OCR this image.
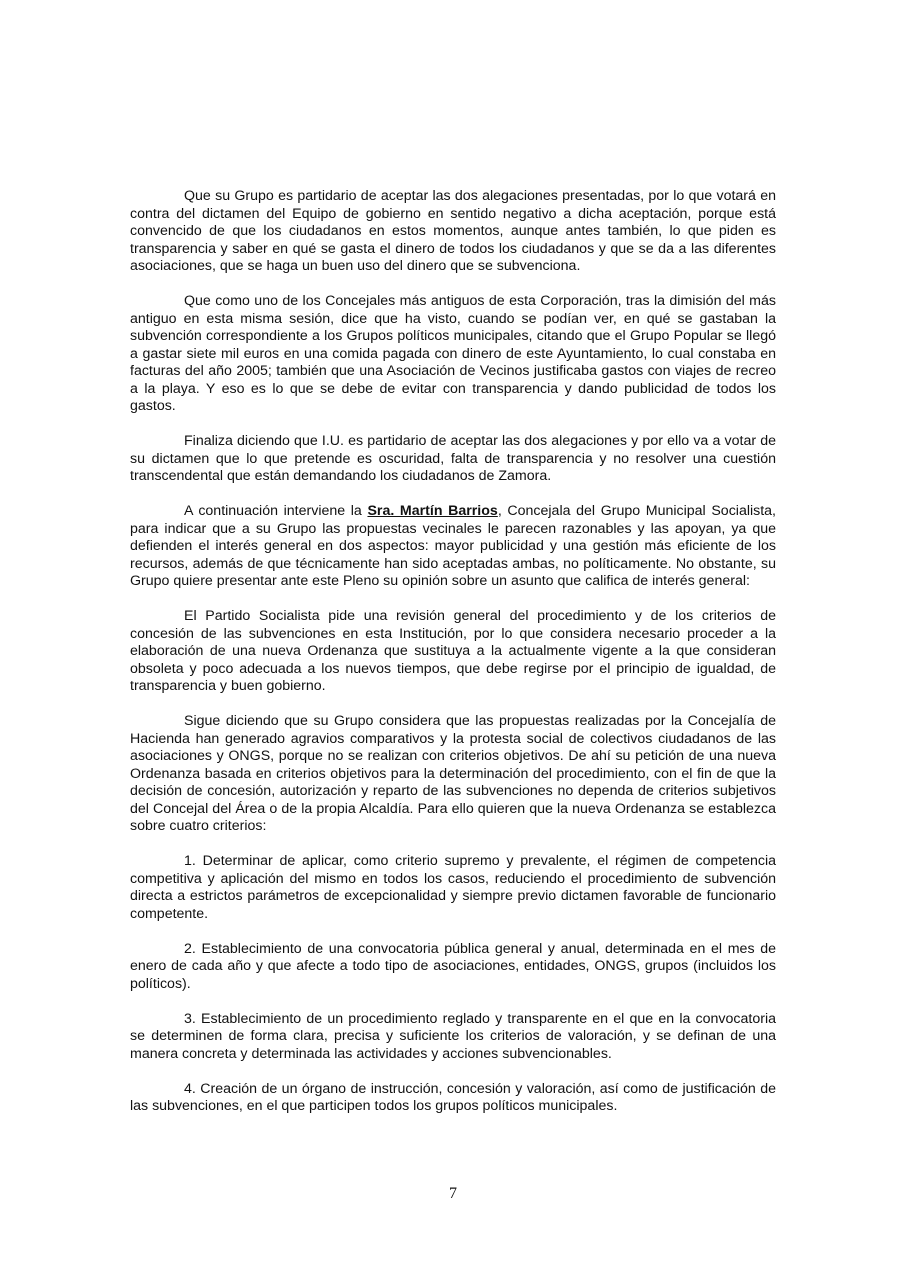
Que su Grupo es partidario de aceptar las dos alegaciones presentadas, por lo que votará en contra del dictamen del Equipo de gobierno en sentido negativo a dicha aceptación, porque está convencido de que los ciudadanos en estos momentos, aunque antes también, lo que piden es transparencia y saber en qué se gasta el dinero de todos los ciudadanos y que se da a las diferentes asociaciones, que se haga un buen uso del dinero que se subvenciona.

Que como uno de los Concejales más antiguos de esta Corporación, tras la dimisión del más antiguo en esta misma sesión, dice que ha visto, cuando se podían ver, en qué se gastaban la subvención correspondiente a los Grupos políticos municipales, citando que el Grupo Popular se llegó a gastar siete mil euros en una comida pagada con dinero de este Ayuntamiento, lo cual constaba en facturas del año 2005; también que una Asociación de Vecinos justificaba gastos con viajes de recreo a la playa. Y eso es lo que se debe de evitar con transparencia y dando publicidad de todos los gastos.

Finaliza diciendo que I.U. es partidario de aceptar las dos alegaciones y por ello va a votar de su dictamen que lo que pretende es oscuridad, falta de transparencia y no resolver una cuestión transcendental que están demandando los ciudadanos de Zamora.

A continuación interviene la Sra. Martín Barrios, Concejala del Grupo Municipal Socialista, para indicar que a su Grupo las propuestas vecinales le parecen razonables y las apoyan, ya que defienden el interés general en dos aspectos: mayor publicidad y una gestión más eficiente de los recursos, además de que técnicamente han sido aceptadas ambas, no políticamente. No obstante, su Grupo quiere presentar ante este Pleno su opinión sobre un asunto que califica de interés general:

El Partido Socialista pide una revisión general del procedimiento y de los criterios de concesión de las subvenciones en esta Institución, por lo que considera necesario proceder a la elaboración de una nueva Ordenanza que sustituya a la actualmente vigente a la que consideran obsoleta y poco adecuada a los nuevos tiempos, que debe regirse por el principio de igualdad, de transparencia y buen gobierno.

Sigue diciendo que su Grupo considera que las propuestas realizadas por la Concejalía de Hacienda han generado agravios comparativos y la protesta social de colectivos ciudadanos de las asociaciones y ONGS, porque no se realizan con criterios objetivos. De ahí su petición de una nueva Ordenanza basada en criterios objetivos para la determinación del procedimiento, con el fin de que la decisión de concesión, autorización y reparto de las subvenciones no dependa de criterios subjetivos del Concejal del Área o de la propia Alcaldía. Para ello quieren que la nueva Ordenanza se establezca sobre cuatro criterios:

1. Determinar de aplicar, como criterio supremo y prevalente, el régimen de competencia competitiva y aplicación del mismo en todos los casos, reduciendo el procedimiento de subvención directa a estrictos parámetros de excepcionalidad y siempre previo dictamen favorable de funcionario competente.

2. Establecimiento de una convocatoria pública general y anual, determinada en el mes de enero de cada año y que afecte a todo tipo de asociaciones, entidades, ONGS, grupos (incluidos los políticos).

3. Establecimiento de un procedimiento reglado y transparente en el que en la convocatoria se determinen de forma clara, precisa y suficiente los criterios de valoración, y se definan de una manera concreta y determinada las actividades y acciones subvencionables.

4. Creación de un órgano de instrucción, concesión y valoración, así como de justificación de las subvenciones, en el que participen todos los grupos políticos municipales.

7
